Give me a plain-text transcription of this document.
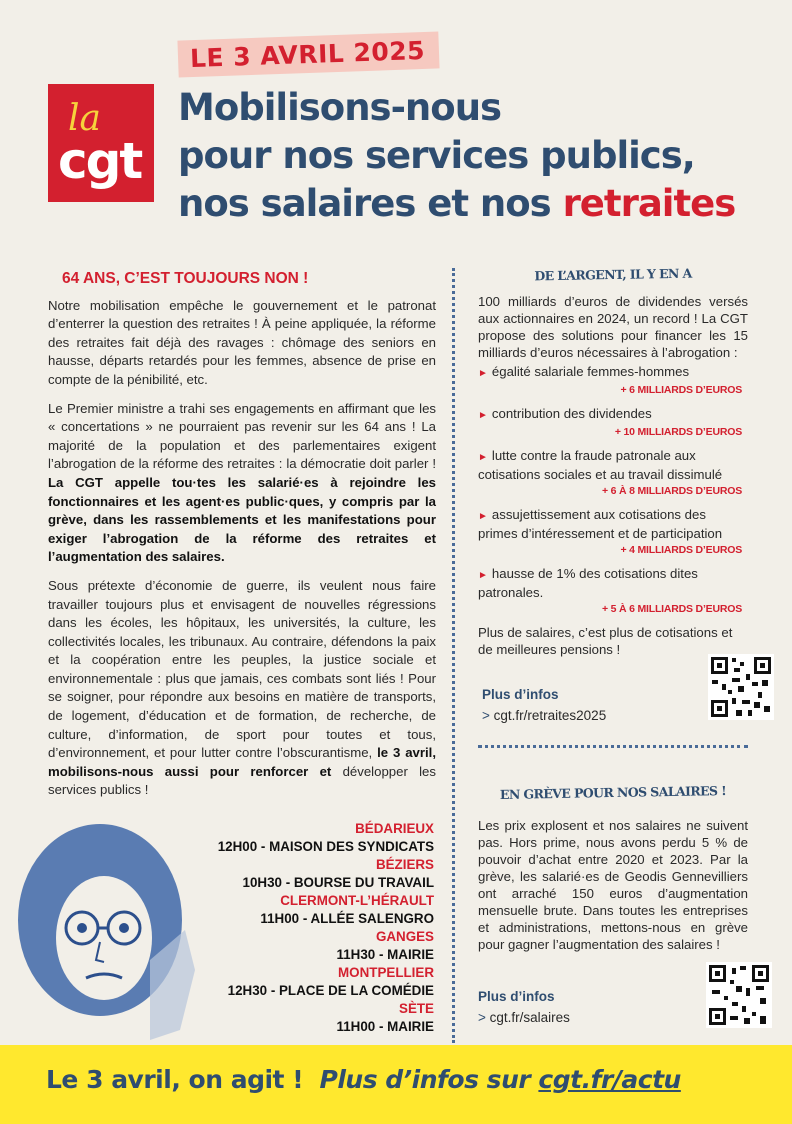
LE 3 AVRIL 2025
la
cgt
Mobilisons-nous
pour nos services publics,
nos salaires et nos retraites
64 ANS, C’EST TOUJOURS NON !

Notre mobilisation empêche le gouvernement et le patronat d’enterrer la question des retraites ! À peine appliquée, la réforme des retraites fait déjà des ravages : chômage des seniors en hausse, départs retardés pour les femmes, absence de prise en compte de la pénibilité, etc.

Le Premier ministre a trahi ses engagements en affirmant que les « concertations » ne pourraient pas revenir sur les 64 ans ! La majorité de la population et des parlementaires exigent l’abrogation de la réforme des retraites : la démocratie doit parler ! La CGT appelle tou·tes les salarié·es à rejoindre les fonctionnaires et les agent·es public·ques, y compris par la grève, dans les rassemblements et les manifestations pour exiger l’abrogation de la réforme des retraites et l’augmentation des salaires.

Sous prétexte d’économie de guerre, ils veulent nous faire travailler toujours plus et envisagent de nouvelles régressions dans les écoles, les hôpitaux, les universités, la culture, les collectivités locales, les tribunaux. Au contraire, défendons la paix et la coopération entre les peuples, la justice sociale et environnementale : plus que jamais, ces combats sont liés ! Pour se soigner, pour répondre aux besoins en matière de transports, de logement, d’éducation et de formation, de recherche, de culture, d’information, de sport pour toutes et tous, d’environnement, et pour lutter contre l’obscurantisme, le 3 avril, mobilisons-nous aussi pour renforcer et développer les services publics !

DE L’ARGENT, IL Y EN A

100 milliards d’euros de dividendes versés aux actionnaires en 2024, un record ! La CGT propose des solutions pour financer les 15 milliards d’euros nécessaires à l’abrogation :

► égalité salariale femmes-hommes
+ 6 MILLIARDS D’EUROS
► contribution des dividendes
+ 10 MILLIARDS D’EUROS
► lutte contre la fraude patronale aux cotisations sociales et au travail dissimulé
+ 6 À 8 MILLIARDS D’EUROS
► assujettissement aux cotisations des primes d’intéressement et de participation
+ 4 MILLIARDS D’EUROS
► hausse de 1% des cotisations dites patronales.
+ 5 À 6 MILLIARDS D’EUROS

Plus de salaires, c’est plus de cotisations et de meilleures pensions !

Plus d’infos
> cgt.fr/retraites2025
EN GRÈVE POUR NOS SALAIRES !

Les prix explosent et nos salaires ne suivent pas. Hors prime, nous avons perdu 5 % de pouvoir d’achat entre 2020 et 2023. Par la grève, les salarié·es de Geodis Gennevilliers ont arraché 150 euros d’augmentation mensuelle brute. Dans toutes les entreprises et administrations, mettons-nous en grève pour gagner l’augmentation des salaires !

Plus d’infos
> cgt.fr/salaires
BÉDARIEUX
12H00 - MAISON DES SYNDICATS
BÉZIERS
10H30 - BOURSE DU TRAVAIL
CLERMONT-L’HÉRAULT
11H00 - ALLÉE SALENGRO
GANGES
11H30 - MAIRIE
MONTPELLIER
12H30 - PLACE DE LA COMÉDIE
SÈTE
11H00 - MAIRIE
Le 3 avril, on agit ! Plus d’infos sur cgt.fr/actu
